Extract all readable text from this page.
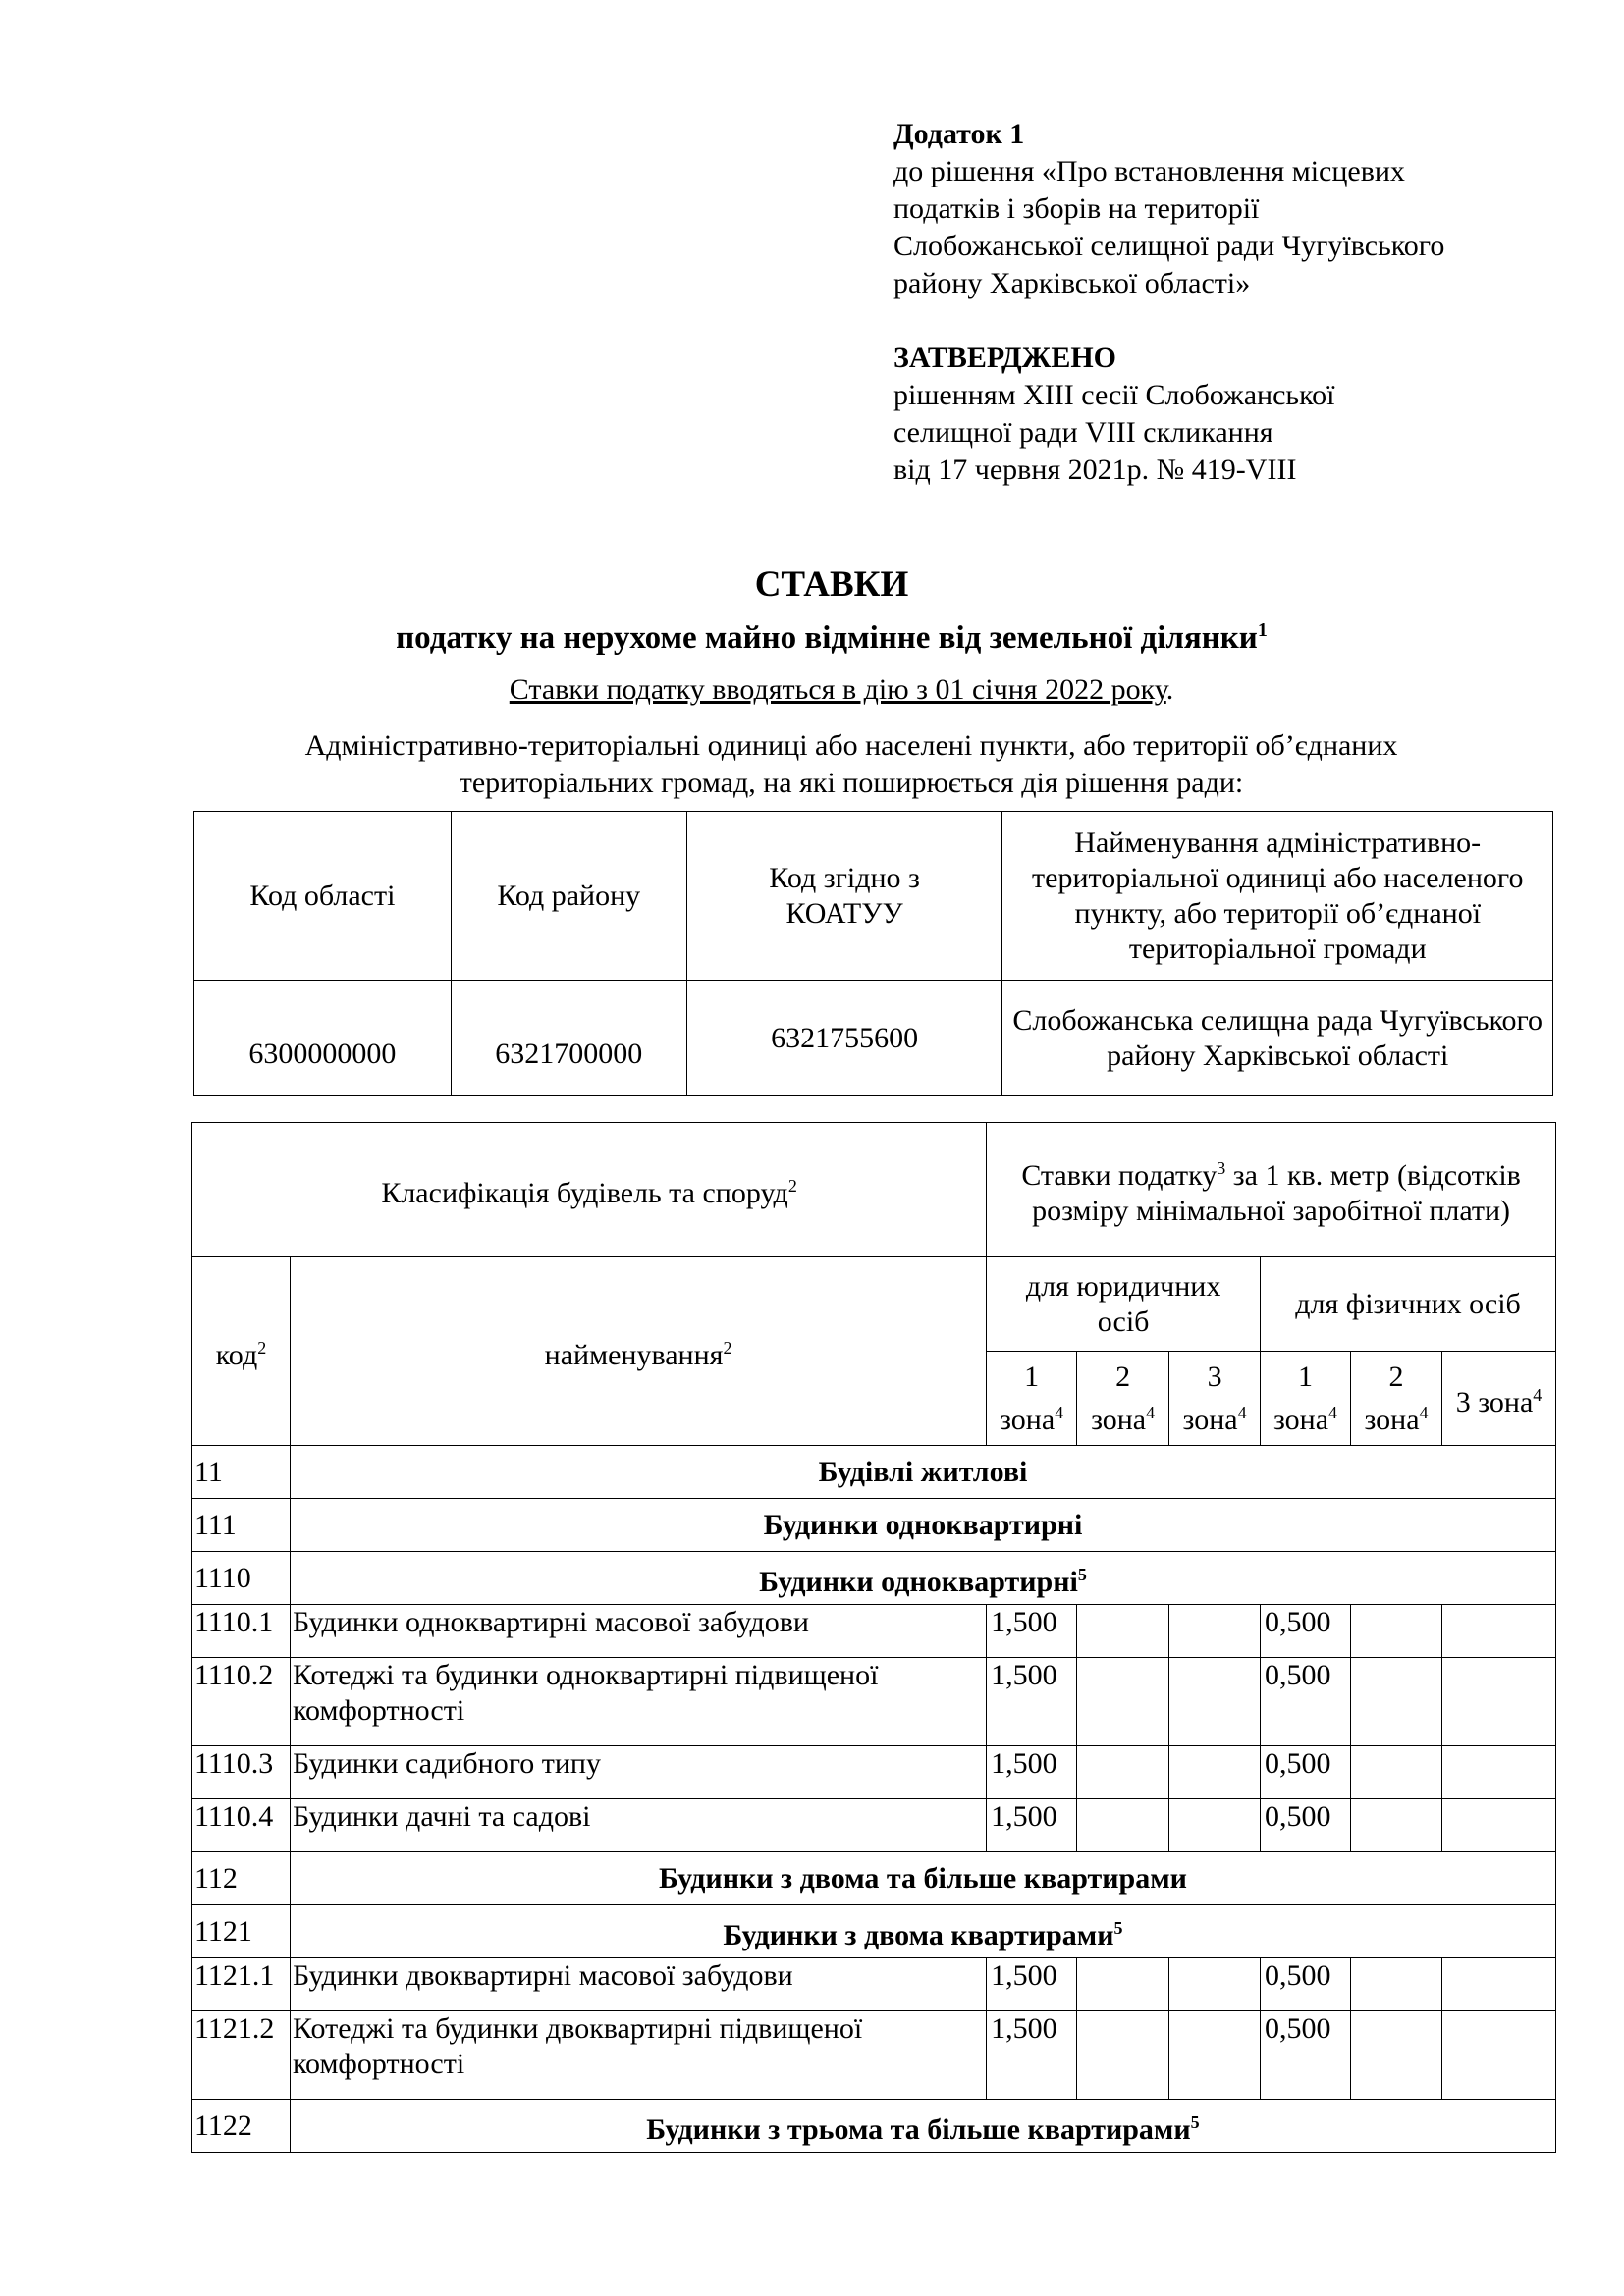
Додаток 1
до рішення «Про встановлення місцевих
податків і зборів на території
Слобожанської селищної ради Чугуївського
району Харківської області»
ЗАТВЕРДЖЕНО
рішенням XIII сесії Слобожанської
селищної ради VIII скликання
від 17 червня 2021р. № 419-VIII
СТАВКИ
податку на нерухоме майно відмінне від земельної ділянки$^1$
Ставки податку вводяться в дію з 01 січня 2022 року.
Адміністративно-територіальні одиниці або населені пункти, або території об’єднаних територіальних громад, на які поширюється дія рішення ради:
Код області	Код району	Код згідно з КОАТУУ	Найменування адміністративно-територіальної одиниці або населеного пункту, або території об’єднаної територіальної громади
6300000000	6321700000	6321755600	Слобожанська селищна рада Чугуївського району Харківської області
Класифікація будівель та споруд$^2$		Ставки податку$^3$ за 1 кв. метр (відсотків розміру мінімальної заробітної плати)					
код$^2$	найменування$^2$	для юридичних осіб			для фізичних осіб		
		1 зона$^4$	2 зона$^4$	3 зона$^4$	1 зона$^4$	2 зона$^4$	3 зона$^4$
11	Будівлі житлові						
111	Будинки одноквартирні						
1110	Будинки одноквартирні$^5$
1110.1	Будинки одноквартирні масової забудови	1,500			0,500		
1110.2	Котеджі та будинки одноквартирні підвищеної комфортності	1,500			0,500		
1110.3	Будинки садибного типу	1,500			0,500		
1110.4	Будинки дачні та садові	1,500			0,500		
112	Будинки з двома та більше квартирами						
1121	Будинки з двома квартирами$^5$
1121.1	Будинки двоквартирні масової забудови	1,500			0,500		
1121.2	Котеджі та будинки двоквартирні підвищеної комфортності	1,500			0,500		
1122	Будинки з трьома та більше квартирами$^5$
